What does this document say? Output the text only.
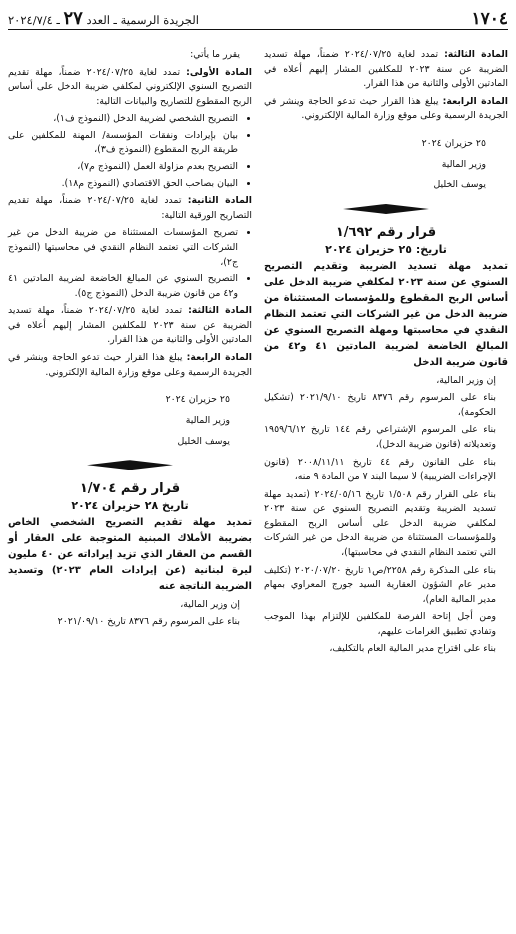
١٧٠٤
الجريدة الرسمية ـ العدد ٢٧ ـ ٢٠٢٤/٧/٤

المادة الثالثة: تمدد لغاية ٢٠٢٤/٠٧/٢٥ ضمناً، مهلة تسديد الضريبة عن سنة ٢٠٢٣ للمكلفين المشار إليهم أعلاه في المادتين الأولى والثانية من هذا القرار.

المادة الرابعة: يبلغ هذا القرار حيث تدعو الحاجة وينشر في الجريدة الرسمية وعلى موقع وزارة المالية الإلكتروني.

٢٥ حزيران ٢٠٢٤
وزير المالية
يوسف الخليل
قرار رقم ١/٦٩٢
تاريخ: ٢٥ حزيران ٢٠٢٤

تمديد مهلة تسديد الضريبة وتقديم التصريح السنوي عن سنة ٢٠٢٣ لمكلفي ضريبة الدخل على أساس الربح المقطوع وللمؤسسات المستثناة من ضريبة الدخل من غير الشركات التي تعتمد النظام النقدي في محاسبتها ومهلة التصريح السنوي عن المبالغ الخاضعة لضريبة المادتين ٤١ و٤٢ من قانون ضريبة الدخل

إن وزير المالية،

بناء على المرسوم رقم ٨٣٧٦ تاريخ ٢٠٢١/٩/١٠ (تشكيل الحكومة)،

بناء على المرسوم الإشتراعي رقم ١٤٤ تاريخ ١٩٥٩/٦/١٢ وتعديلاته (قانون ضريبة الدخل)،

بناء على القانون رقم ٤٤ تاريخ ٢٠٠٨/١١/١١ (قانون الإجراءات الضريبية) لا سيما البند ٧ من المادة ٩ منه،

بناء على القرار رقم ١/٥٠٨ تاريخ ٢٠٢٤/٠٥/١٦ (تمديد مهلة تسديد الضريبة وتقديم التصريح السنوي عن سنة ٢٠٢٣ لمكلفي ضريبة الدخل على أساس الربح المقطوع وللمؤسسات المستثناة من ضريبة الدخل من غير الشركات التي تعتمد النظام النقدي في محاسبتها)،

بناء على المذكرة رقم ٢٢٥٨/ص١ تاريخ ٢٠٢٠/٠٧/٢٠ (تكليف مدير عام الشؤون العقارية السيد جورج المعراوي بمهام مدير المالية العام)،

ومن أجل إتاحة الفرصة للمكلفين للإلتزام بهذا الموجب وتفادي تطبيق الغرامات عليهم،

بناء على اقتراح مدير المالية العام بالتكليف،

يقرر ما يأتي:

المادة الأولى: تمدد لغاية ٢٠٢٤/٠٧/٢٥ ضمناً، مهلة تقديم التصريح السنوي الإلكتروني لمكلفي ضريبة الدخل على أساس الربح المقطوع للتصاريح والبيانات التالية:

• التصريح الشخصي لضريبة الدخل (النموذج ف١)،
• بيان بإيرادات ونفقات المؤسسة/ المهنة للمكلفين على طريقة الربح المقطوع (النموذج ف٣)،
• التصريح بعدم مزاولة العمل (النموذج م٧)،
• البيان بصاحب الحق الاقتصادي (النموذج م١٨).

المادة الثانية: تمدد لغاية ٢٠٢٤/٠٧/٢٥ ضمناً، مهلة تقديم التصاريح الورقية التالية:

• تصريح المؤسسات المستثناة من ضريبة الدخل من غير الشركات التي تعتمد النظام النقدي في محاسبتها (النموذج ج٢)،
• التصريح السنوي عن المبالغ الخاضعة لضريبة المادتين ٤١ و٤٢ من قانون ضريبة الدخل (النموذج ج٥).

المادة الثالثة: تمدد لغاية ٢٠٢٤/٠٧/٢٥ ضمناً، مهلة تسديد الضريبة عن سنة ٢٠٢٣ للمكلفين المشار إليهم أعلاه في المادتين الأولى والثانية من هذا القرار.

المادة الرابعة: يبلغ هذا القرار حيث تدعو الحاجة وينشر في الجريدة الرسمية وعلى موقع وزارة المالية الإلكتروني.

٢٥ حزيران ٢٠٢٤
وزير المالية
يوسف الخليل
قرار رقم ١/٧٠٤
تاريخ ٢٨ حزيران ٢٠٢٤

تمديد مهلة تقديم التصريح الشخصي الخاص بضريبة الأملاك المبنية المتوجبة على العقار أو القسم من العقار الذي تزيد إيراداته عن ٤٠ مليون ليرة لبنانية (عن إيرادات العام ٢٠٢٣) وتسديد الضريبة الناتجة عنه

إن وزير المالية،

بناء على المرسوم رقم ٨٣٧٦ تاريخ ٢٠٢١/٠٩/١٠
